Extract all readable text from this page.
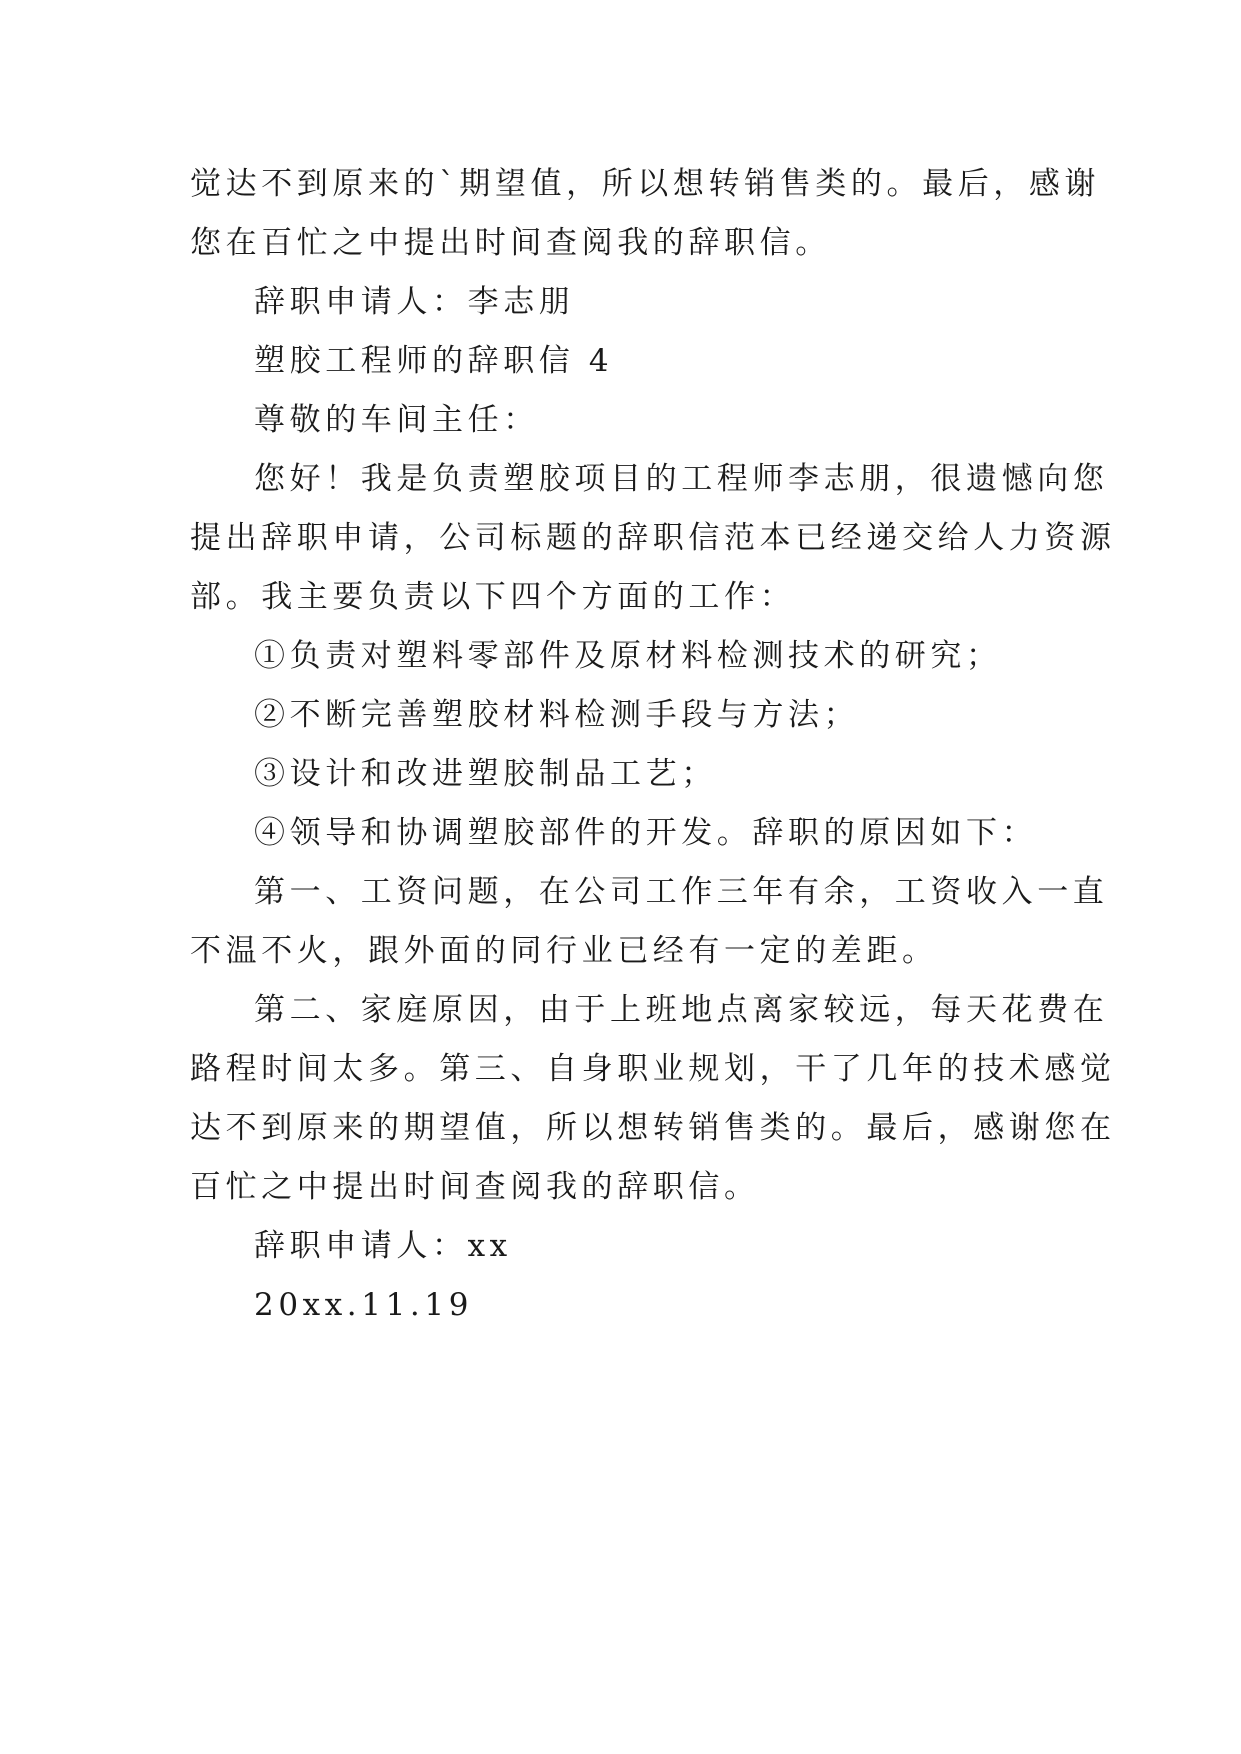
觉达不到原来的`期望值，所以想转销售类的。最后，感谢
您在百忙之中提出时间查阅我的辞职信。

辞职申请人：李志朋

塑胶工程师的辞职信 4

尊敬的车间主任：

您好！我是负责塑胶项目的工程师李志朋，很遗憾向您
提出辞职申请，公司标题的辞职信范本已经递交给人力资源
部。我主要负责以下四个方面的工作：

①负责对塑料零部件及原材料检测技术的研究；

②不断完善塑胶材料检测手段与方法；

③设计和改进塑胶制品工艺；

④领导和协调塑胶部件的开发。辞职的原因如下：

第一、工资问题，在公司工作三年有余，工资收入一直
不温不火，跟外面的同行业已经有一定的差距。

第二、家庭原因，由于上班地点离家较远，每天花费在
路程时间太多。第三、自身职业规划，干了几年的技术感觉
达不到原来的期望值，所以想转销售类的。最后，感谢您在
百忙之中提出时间查阅我的辞职信。

辞职申请人：xx

20xx.11.19
